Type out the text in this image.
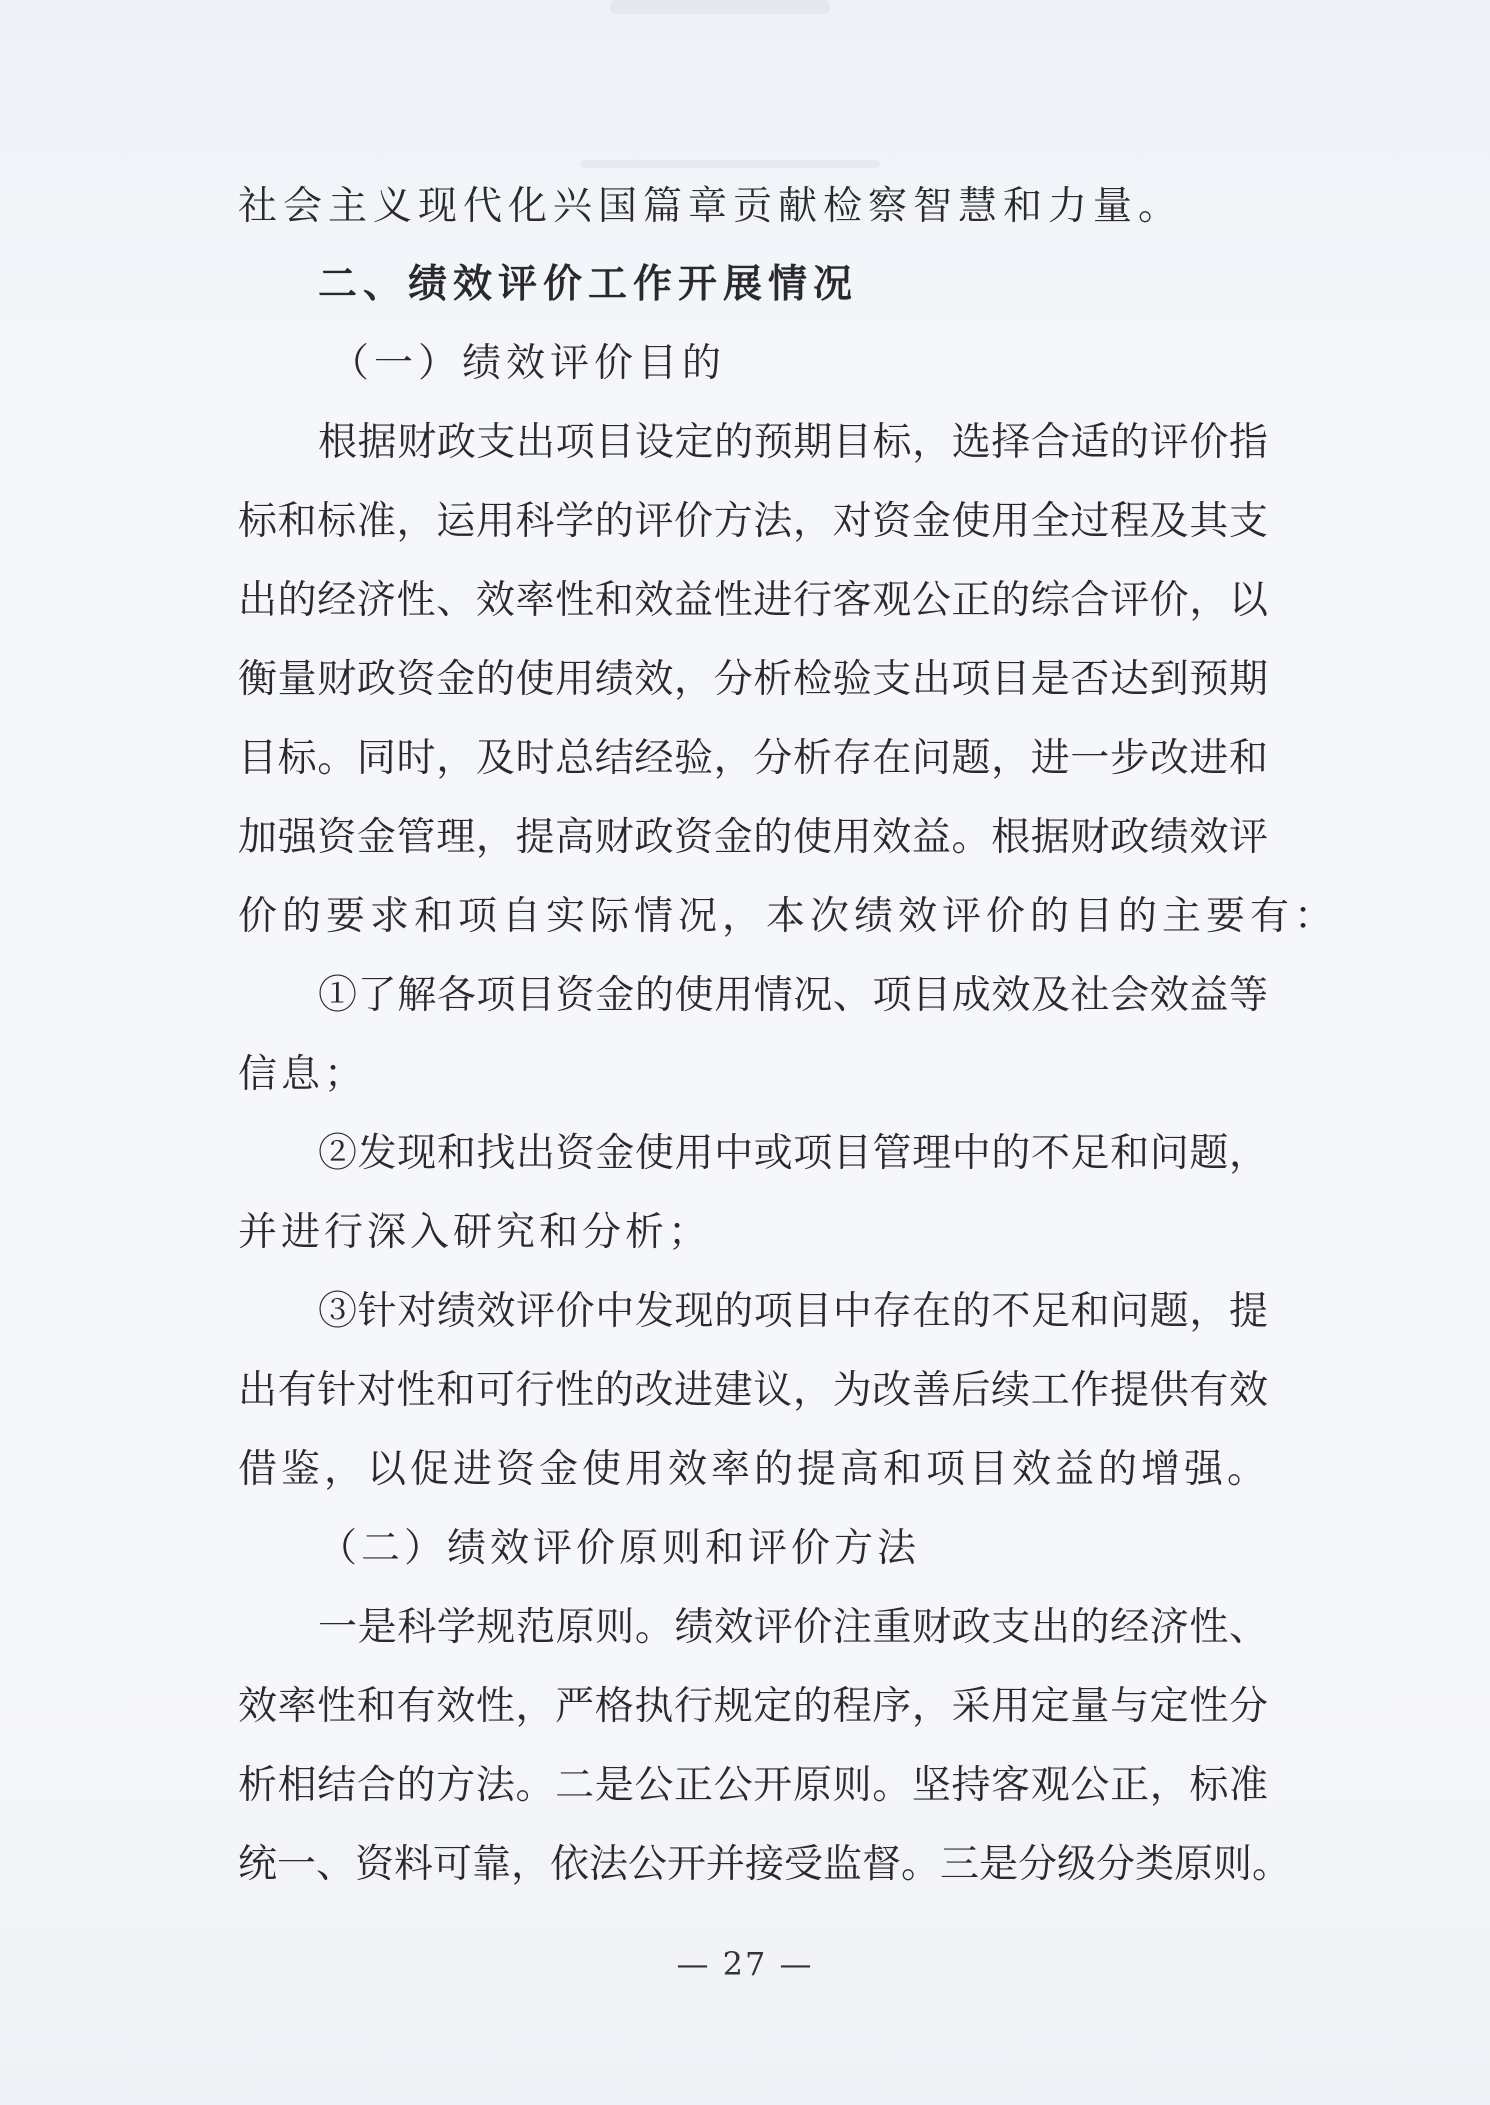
社会主义现代化兴国篇章贡献检察智慧和力量。
二、绩效评价工作开展情况
（一）绩效评价目的
根据财政支出项目设定的预期目标，选择合适的评价指
标和标准，运用科学的评价方法，对资金使用全过程及其支
出的经济性、效率性和效益性进行客观公正的综合评价，以
衡量财政资金的使用绩效，分析检验支出项目是否达到预期
目标。同时，及时总结经验，分析存在问题，进一步改进和
加强资金管理，提高财政资金的使用效益。根据财政绩效评
价的要求和项自实际情况，本次绩效评价的目的主要有：
①了解各项目资金的使用情况、项目成效及社会效益等
信息；
②发现和找出资金使用中或项目管理中的不足和问题，
并进行深入研究和分析；
③针对绩效评价中发现的项目中存在的不足和问题，提
出有针对性和可行性的改进建议，为改善后续工作提供有效
借鉴，以促进资金使用效率的提高和项目效益的增强。
（二）绩效评价原则和评价方法
一是科学规范原则。绩效评价注重财政支出的经济性、
效率性和有效性，严格执行规定的程序，采用定量与定性分
析相结合的方法。二是公正公开原则。坚持客观公正，标准
统一、资料可靠，依法公开并接受监督。三是分级分类原则。
— 27 —
